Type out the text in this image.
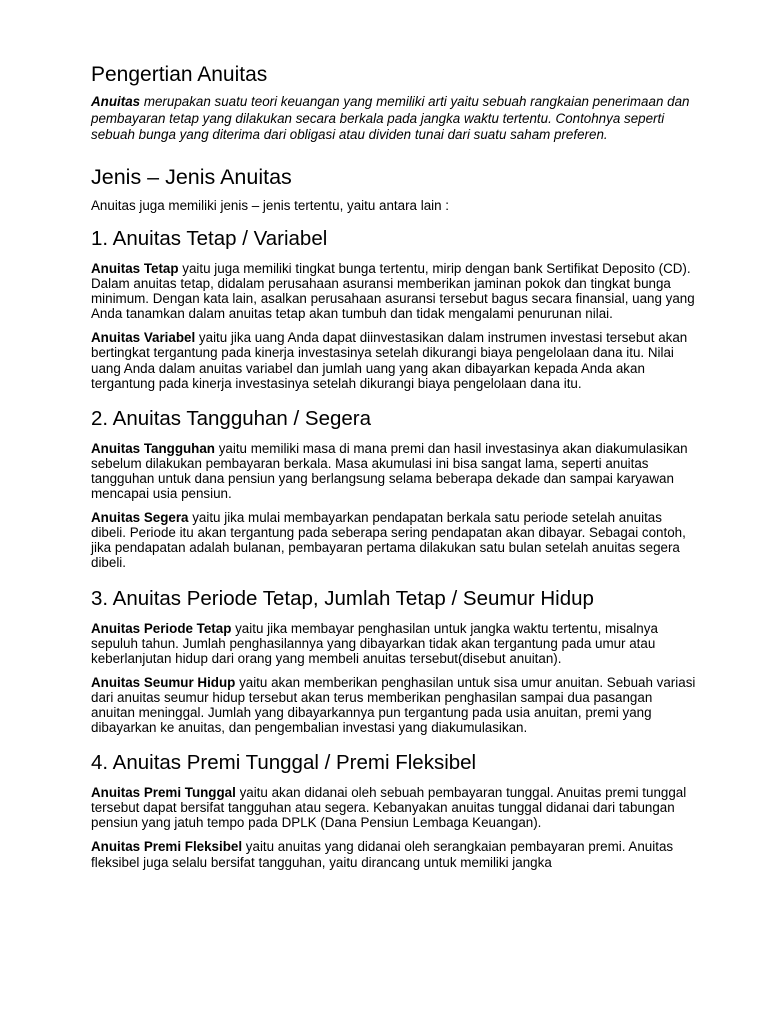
Pengertian Anuitas

Anuitas merupakan suatu teori keuangan yang memiliki arti yaitu sebuah rangkaian penerimaan dan pembayaran tetap yang dilakukan secara berkala pada jangka waktu tertentu. Contohnya seperti sebuah bunga yang diterima dari obligasi atau dividen tunai dari suatu saham preferen.

Jenis – Jenis Anuitas

Anuitas juga memiliki jenis – jenis tertentu, yaitu antara lain :

1. Anuitas Tetap / Variabel

Anuitas Tetap yaitu juga memiliki tingkat bunga tertentu, mirip dengan bank Sertifikat Deposito (CD). Dalam anuitas tetap, didalam perusahaan asuransi memberikan jaminan pokok dan tingkat bunga minimum. Dengan kata lain, asalkan perusahaan asuransi tersebut bagus secara finansial, uang yang Anda tanamkan dalam anuitas tetap akan tumbuh dan tidak mengalami penurunan nilai.

Anuitas Variabel yaitu jika uang Anda dapat diinvestasikan dalam instrumen investasi tersebut akan bertingkat tergantung pada kinerja investasinya setelah dikurangi biaya pengelolaan dana itu. Nilai uang Anda dalam anuitas variabel dan jumlah uang yang akan dibayarkan kepada Anda akan tergantung pada kinerja investasinya setelah dikurangi biaya pengelolaan dana itu.

2. Anuitas Tangguhan / Segera

Anuitas Tangguhan yaitu memiliki masa di mana premi dan hasil investasinya akan diakumulasikan sebelum dilakukan pembayaran berkala. Masa akumulasi ini bisa sangat lama, seperti anuitas tangguhan untuk dana pensiun yang berlangsung selama beberapa dekade dan sampai karyawan mencapai usia pensiun.

Anuitas Segera yaitu jika mulai membayarkan pendapatan berkala satu periode setelah anuitas dibeli. Periode itu akan tergantung pada seberapa sering pendapatan akan dibayar. Sebagai contoh, jika pendapatan adalah bulanan, pembayaran pertama dilakukan satu bulan setelah anuitas segera dibeli.

3. Anuitas Periode Tetap, Jumlah Tetap / Seumur Hidup

Anuitas Periode Tetap yaitu jika membayar penghasilan untuk jangka waktu tertentu, misalnya sepuluh tahun. Jumlah penghasilannya yang dibayarkan tidak akan tergantung pada umur atau keberlanjutan hidup dari orang yang membeli anuitas tersebut(disebut anuitan).

Anuitas Seumur Hidup yaitu akan memberikan penghasilan untuk sisa umur anuitan. Sebuah variasi dari anuitas seumur hidup tersebut akan terus memberikan penghasilan sampai dua pasangan anuitan meninggal. Jumlah yang dibayarkannya pun tergantung pada usia anuitan, premi yang dibayarkan ke anuitas, dan pengembalian investasi yang diakumulasikan.

4. Anuitas Premi Tunggal / Premi Fleksibel

Anuitas Premi Tunggal yaitu akan didanai oleh sebuah pembayaran tunggal. Anuitas premi tunggal tersebut dapat bersifat tangguhan atau segera. Kebanyakan anuitas tunggal didanai dari tabungan pensiun yang jatuh tempo pada DPLK (Dana Pensiun Lembaga Keuangan).

Anuitas Premi Fleksibel yaitu anuitas yang didanai oleh serangkaian pembayaran premi. Anuitas fleksibel juga selalu bersifat tangguhan, yaitu dirancang untuk memiliki jangka
